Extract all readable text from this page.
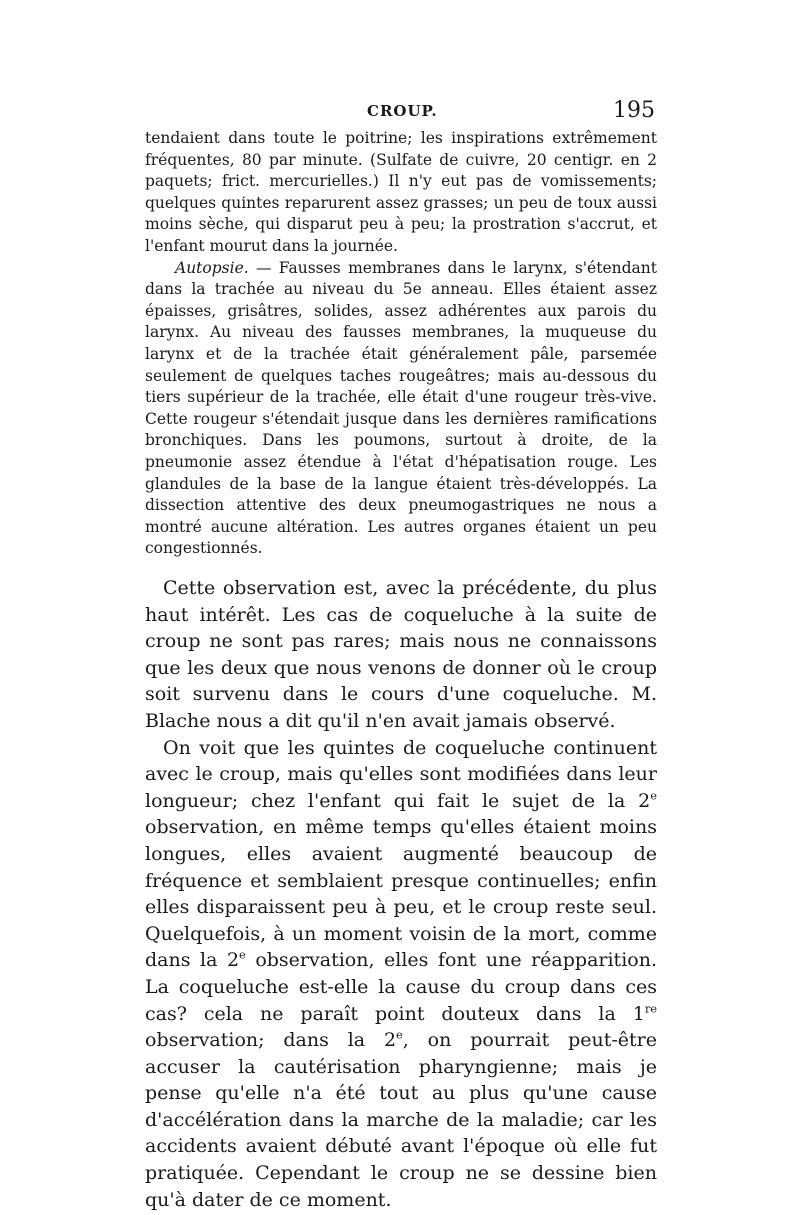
CROUP.	195

tendaient dans toute le poitrine; les inspirations extrêmement fréquentes, 80 par minute. (Sulfate de cuivre, 20 centigr. en 2 paquets; frict. mercurielles.) Il n'y eut pas de vomissements; quelques quintes reparurent assez grasses; un peu de toux aussi moins sèche, qui disparut peu à peu; la prostration s'accrut, et l'enfant mourut dans la journée.

Autopsie. — Fausses membranes dans le larynx, s'étendant dans la trachée au niveau du 5e anneau. Elles étaient assez épaisses, grisâtres, solides, assez adhérentes aux parois du larynx. Au niveau des fausses membranes, la muqueuse du larynx et de la trachée était généralement pâle, parsemée seulement de quelques taches rougeâtres; mais au-dessous du tiers supérieur de la trachée, elle était d'une rougeur très-vive. Cette rougeur s'étendait jusque dans les dernières ramifications bronchiques. Dans les poumons, surtout à droite, de la pneumonie assez étendue à l'état d'hépatisation rouge. Les glandules de la base de la langue étaient très-développés. La dissection attentive des deux pneumogastriques ne nous a montré aucune altération. Les autres organes étaient un peu congestionnés.

Cette observation est, avec la précédente, du plus haut intérêt. Les cas de coqueluche à la suite de croup ne sont pas rares; mais nous ne connaissons que les deux que nous venons de donner où le croup soit survenu dans le cours d'une coqueluche. M. Blache nous a dit qu'il n'en avait jamais observé.

On voit que les quintes de coqueluche continuent avec le croup, mais qu'elles sont modifiées dans leur longueur; chez l'enfant qui fait le sujet de la 2e observation, en même temps qu'elles étaient moins longues, elles avaient augmenté beaucoup de fréquence et semblaient presque continuelles; enfin elles disparaissent peu à peu, et le croup reste seul. Quelquefois, à un moment voisin de la mort, comme dans la 2e observation, elles font une réapparition. La coqueluche est-elle la cause du croup dans ces cas? cela ne paraît point douteux dans la 1re observation; dans la 2e, on pourrait peut-être accuser la cautérisation pharyngienne; mais je pense qu'elle n'a été tout au plus qu'une cause d'accélération dans la marche de la maladie; car les accidents avaient débuté avant l'époque où elle fut pratiquée. Cependant le croup ne se dessine bien qu'à dater de ce moment.
